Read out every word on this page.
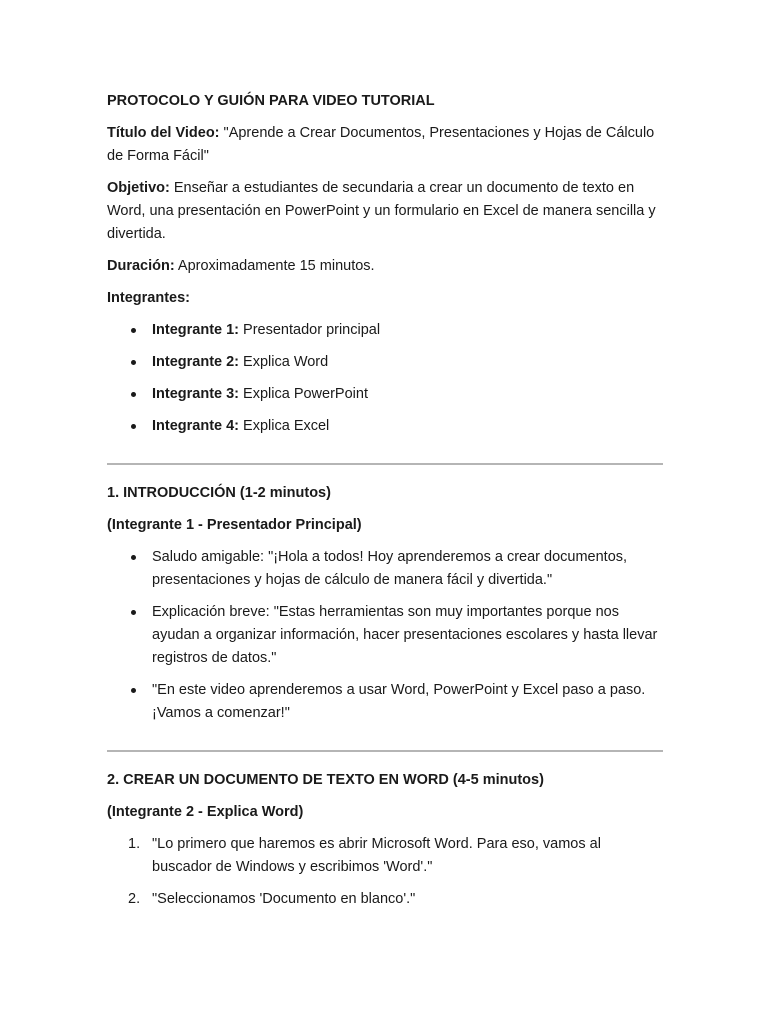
PROTOCOLO Y GUIÓN PARA VIDEO TUTORIAL

Título del Video: "Aprende a Crear Documentos, Presentaciones y Hojas de Cálculo de Forma Fácil"

Objetivo: Enseñar a estudiantes de secundaria a crear un documento de texto en Word, una presentación en PowerPoint y un formulario en Excel de manera sencilla y divertida.

Duración: Aproximadamente 15 minutos.

Integrantes:

Integrante 1: Presentador principal
Integrante 2: Explica Word
Integrante 3: Explica PowerPoint
Integrante 4: Explica Excel
1. INTRODUCCIÓN (1-2 minutos)
(Integrante 1 - Presentador Principal)
Saludo amigable: "¡Hola a todos! Hoy aprenderemos a crear documentos, presentaciones y hojas de cálculo de manera fácil y divertida."
Explicación breve: "Estas herramientas son muy importantes porque nos ayudan a organizar información, hacer presentaciones escolares y hasta llevar registros de datos."
"En este video aprenderemos a usar Word, PowerPoint y Excel paso a paso. ¡Vamos a comenzar!"
2. CREAR UN DOCUMENTO DE TEXTO EN WORD (4-5 minutos)
(Integrante 2 - Explica Word)
1. "Lo primero que haremos es abrir Microsoft Word. Para eso, vamos al buscador de Windows y escribimos 'Word'."
2. "Seleccionamos 'Documento en blanco'."
